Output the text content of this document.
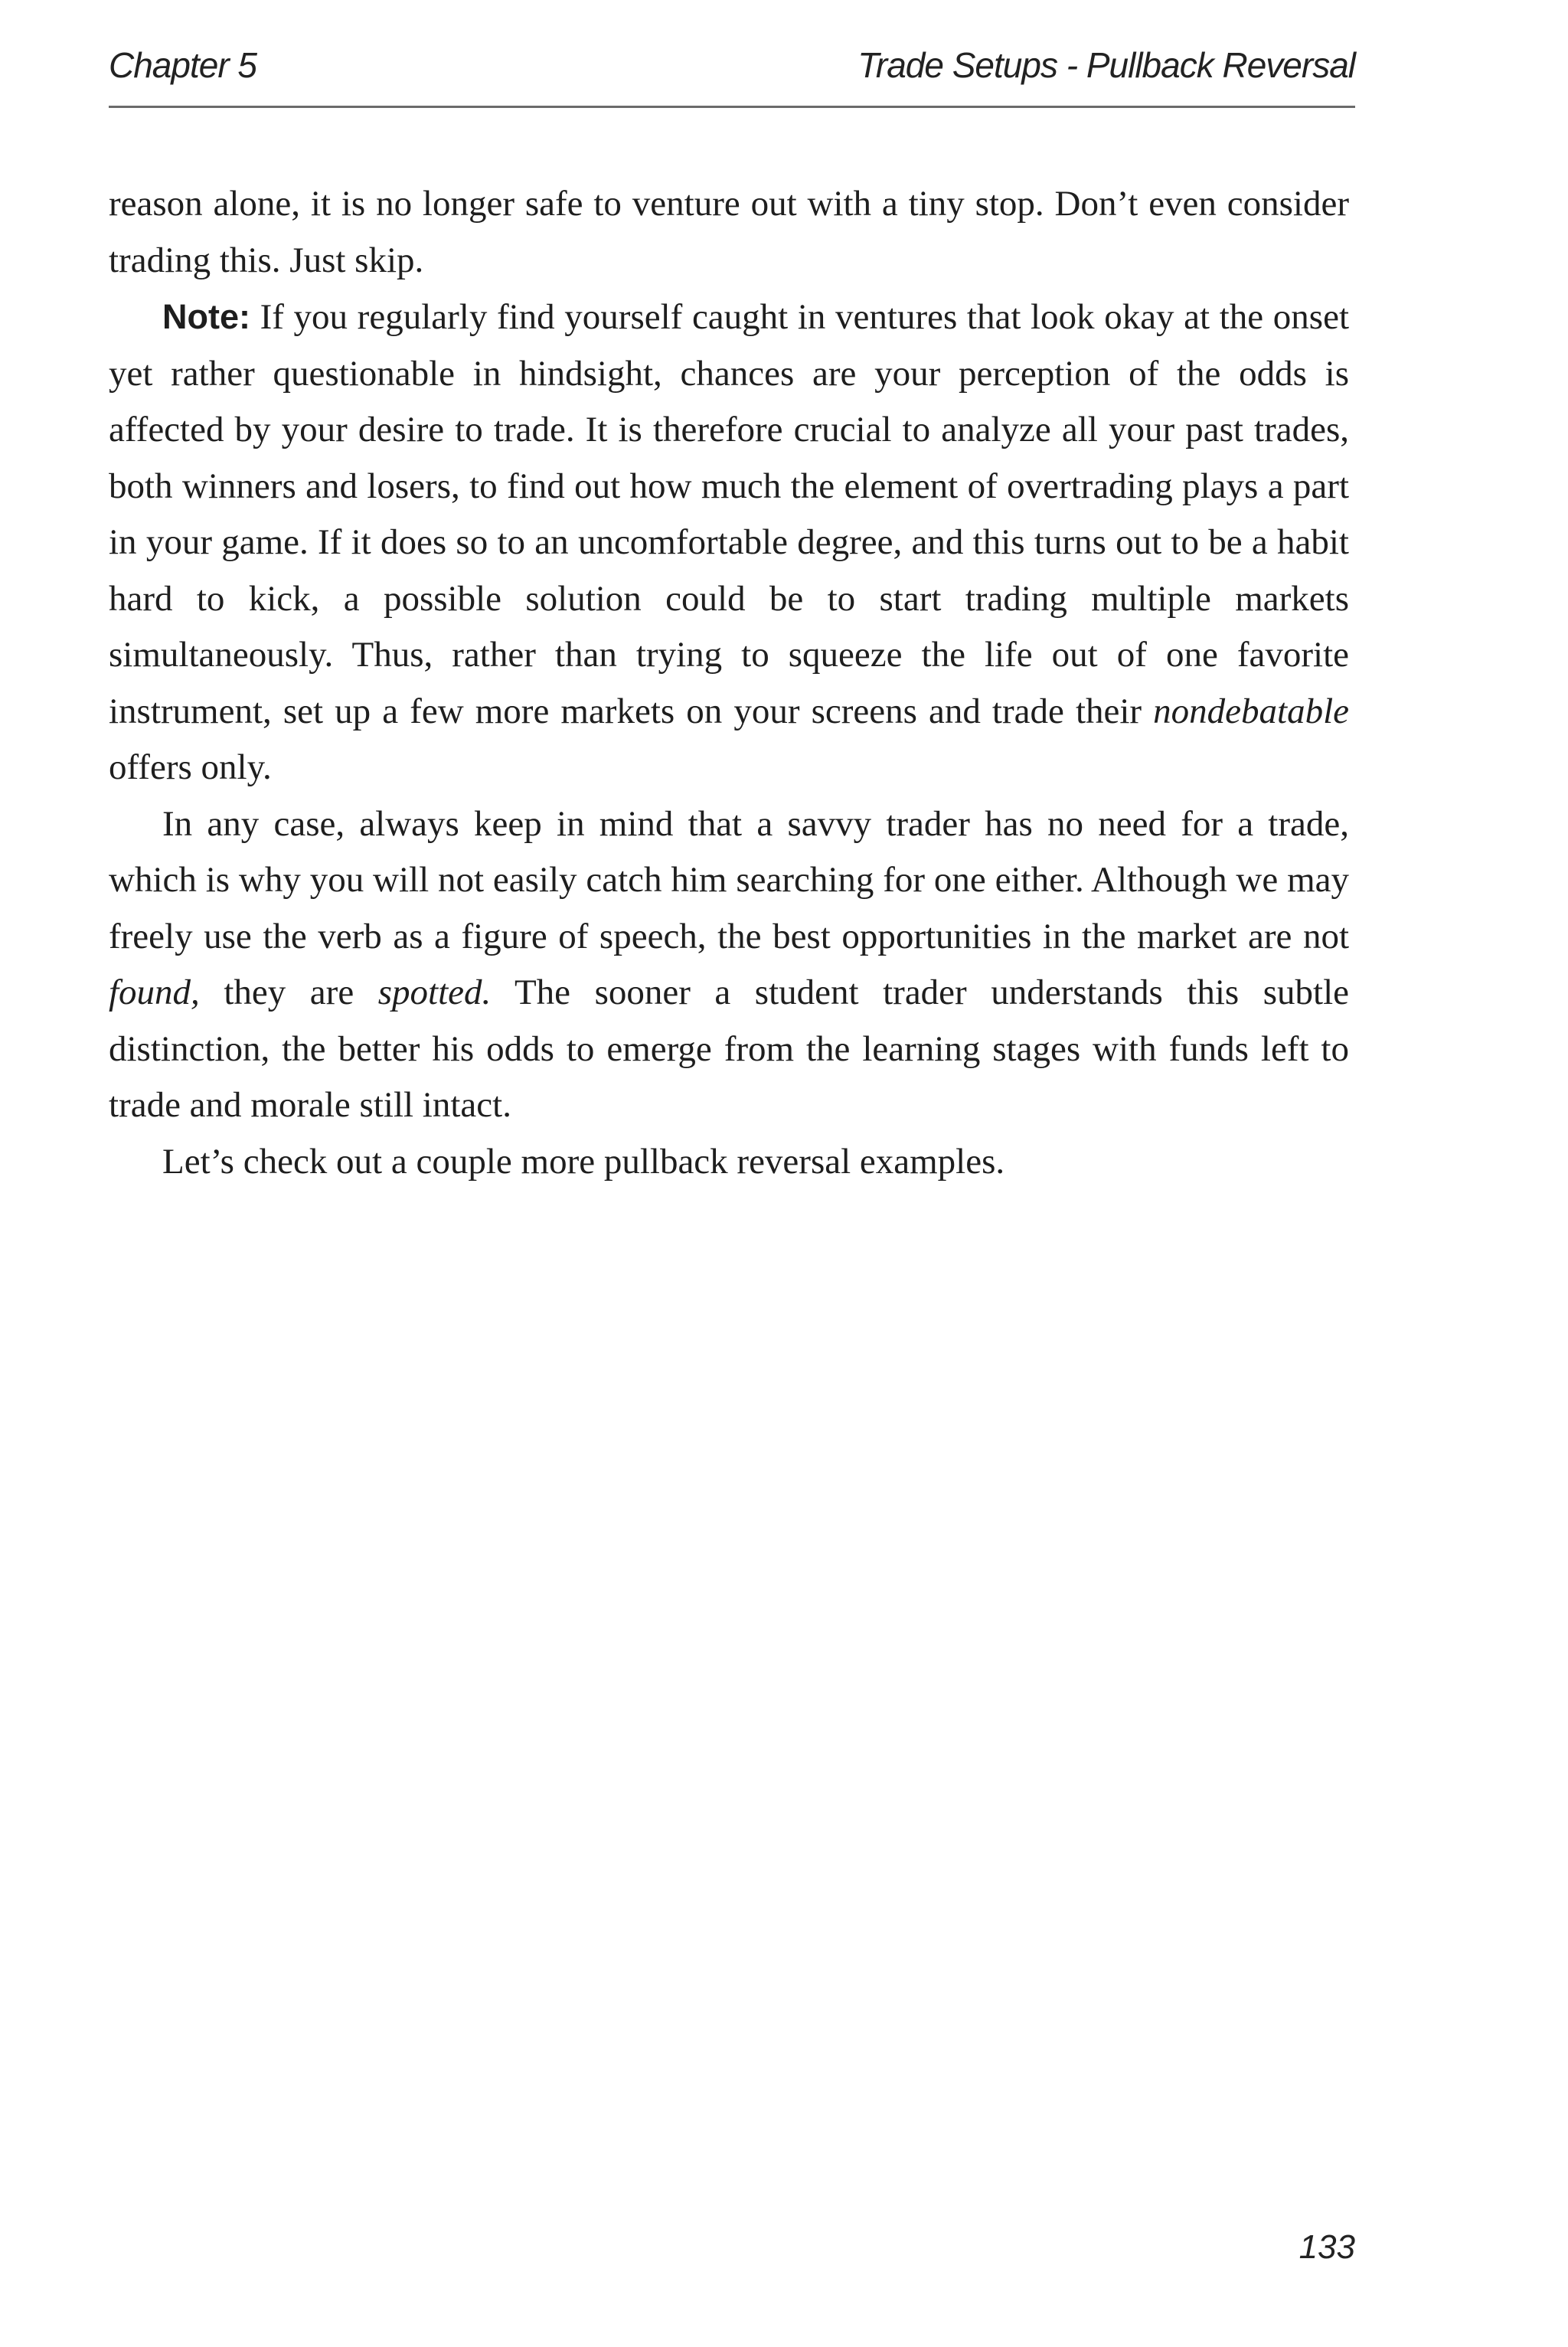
Chapter 5	Trade Setups - Pullback Reversal

reason alone, it is no longer safe to venture out with a tiny stop. Don’t even consider trading this. Just skip.

Note: If you regularly find yourself caught in ventures that look okay at the onset yet rather questionable in hindsight, chances are your perception of the odds is affected by your desire to trade. It is therefore crucial to analyze all your past trades, both winners and losers, to find out how much the element of overtrading plays a part in your game. If it does so to an uncomfortable degree, and this turns out to be a habit hard to kick, a possible solution could be to start trading multiple markets simultaneously. Thus, rather than trying to squeeze the life out of one favorite instrument, set up a few more markets on your screens and trade their nondebatable offers only.

In any case, always keep in mind that a savvy trader has no need for a trade, which is why you will not easily catch him searching for one either. Although we may freely use the verb as a figure of speech, the best opportunities in the market are not found, they are spotted. The sooner a student trader understands this subtle distinction, the better his odds to emerge from the learning stages with funds left to trade and morale still intact.

Let’s check out a couple more pullback reversal examples.

133
